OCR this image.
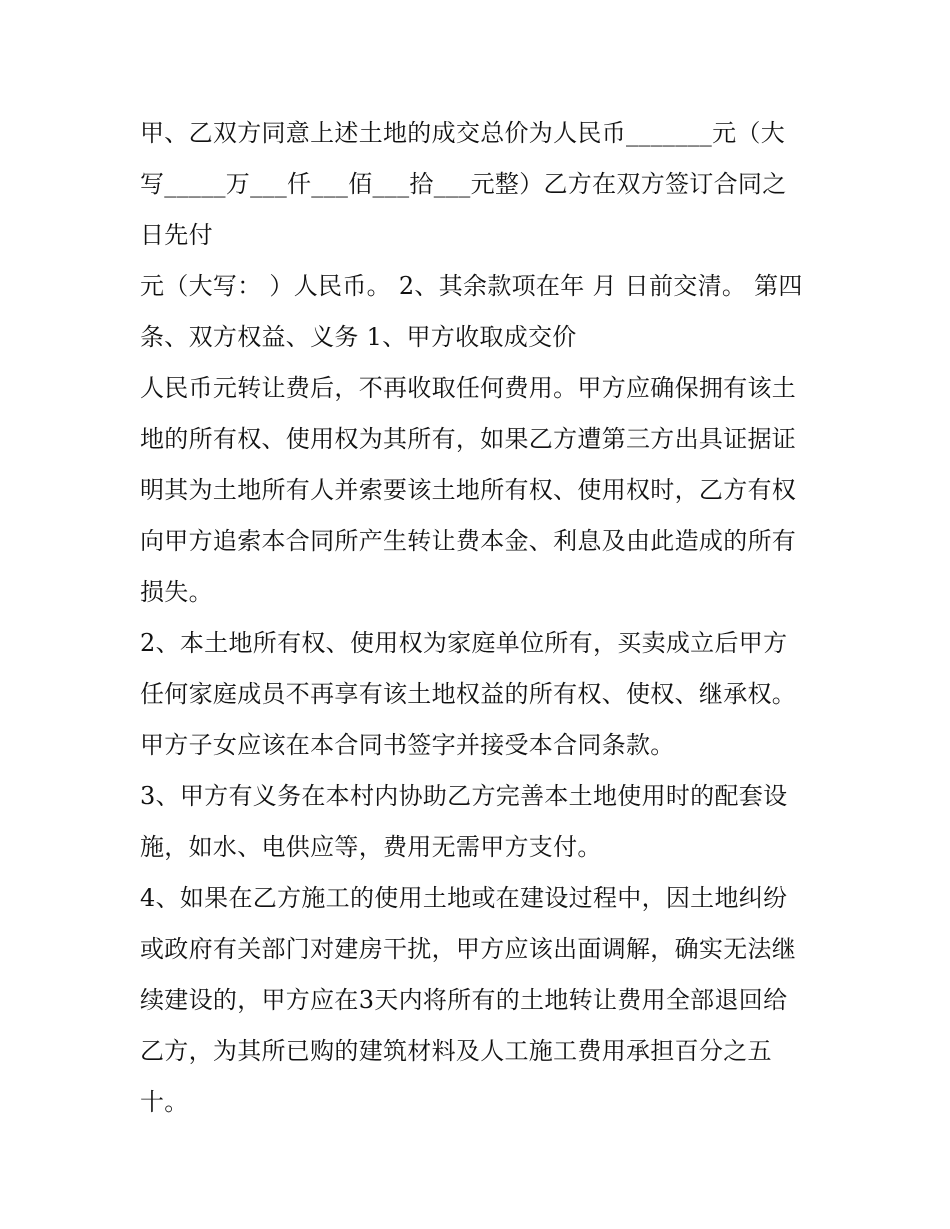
甲、乙双方同意上述土地的成交总价为人民币_______元（大
写_____万___仟___佰___拾___元整）乙方在双方签订合同之
日先付
元（大写： ）人民币。 2、其余款项在年 月 日前交清。 第四
条、双方权益、义务 1、甲方收取成交价
人民币元转让费后，不再收取任何费用。甲方应确保拥有该土
地的所有权、使用权为其所有，如果乙方遭第三方出具证据证
明其为土地所有人并索要该土地所有权、使用权时，乙方有权
向甲方追索本合同所产生转让费本金、利息及由此造成的所有
损失。
2、本土地所有权、使用权为家庭单位所有，买卖成立后甲方
任何家庭成员不再享有该土地权益的所有权、使权、继承权。
甲方子女应该在本合同书签字并接受本合同条款。
3、甲方有义务在本村内协助乙方完善本土地使用时的配套设
施，如水、电供应等，费用无需甲方支付。
4、如果在乙方施工的使用土地或在建设过程中，因土地纠纷
或政府有关部门对建房干扰，甲方应该出面调解，确实无法继
续建设的，甲方应在3天内将所有的土地转让费用全部退回给
乙方，为其所已购的建筑材料及人工施工费用承担百分之五
十。
